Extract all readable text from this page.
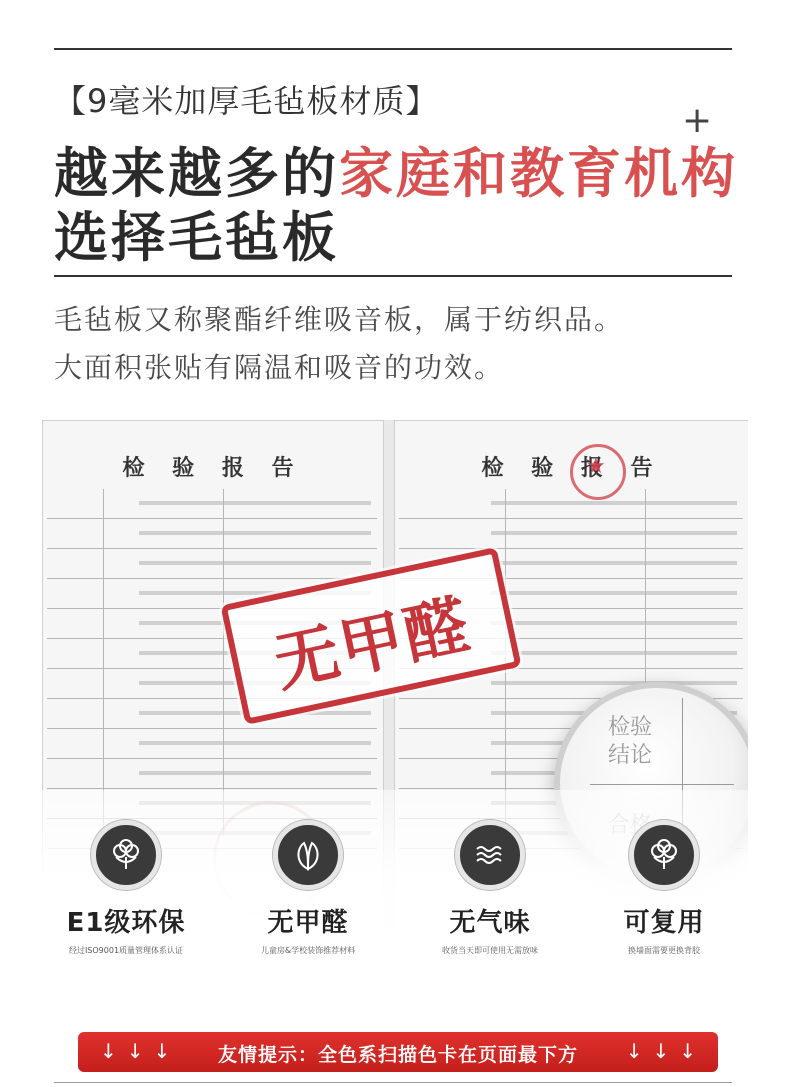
【9毫米加厚毛毡板材质】	+
越来越多的家庭和教育机构
选择毛毡板
毛毡板又称聚酯纤维吸音板，属于纺织品。
大面积张贴有隔温和吸音的功效。
检 验 报 告	检 验 报 告
★
无甲醛
检验
结论
E1级环保
经过ISO9001质量管理体系认证
无甲醛
儿童房&学校装饰推荐材料
无气味
收货当天即可使用无需放味
可复用
换墙面需要更换背胶
↓↓↓	友情提示：全色系扫描色卡在页面最下方	↓↓↓
